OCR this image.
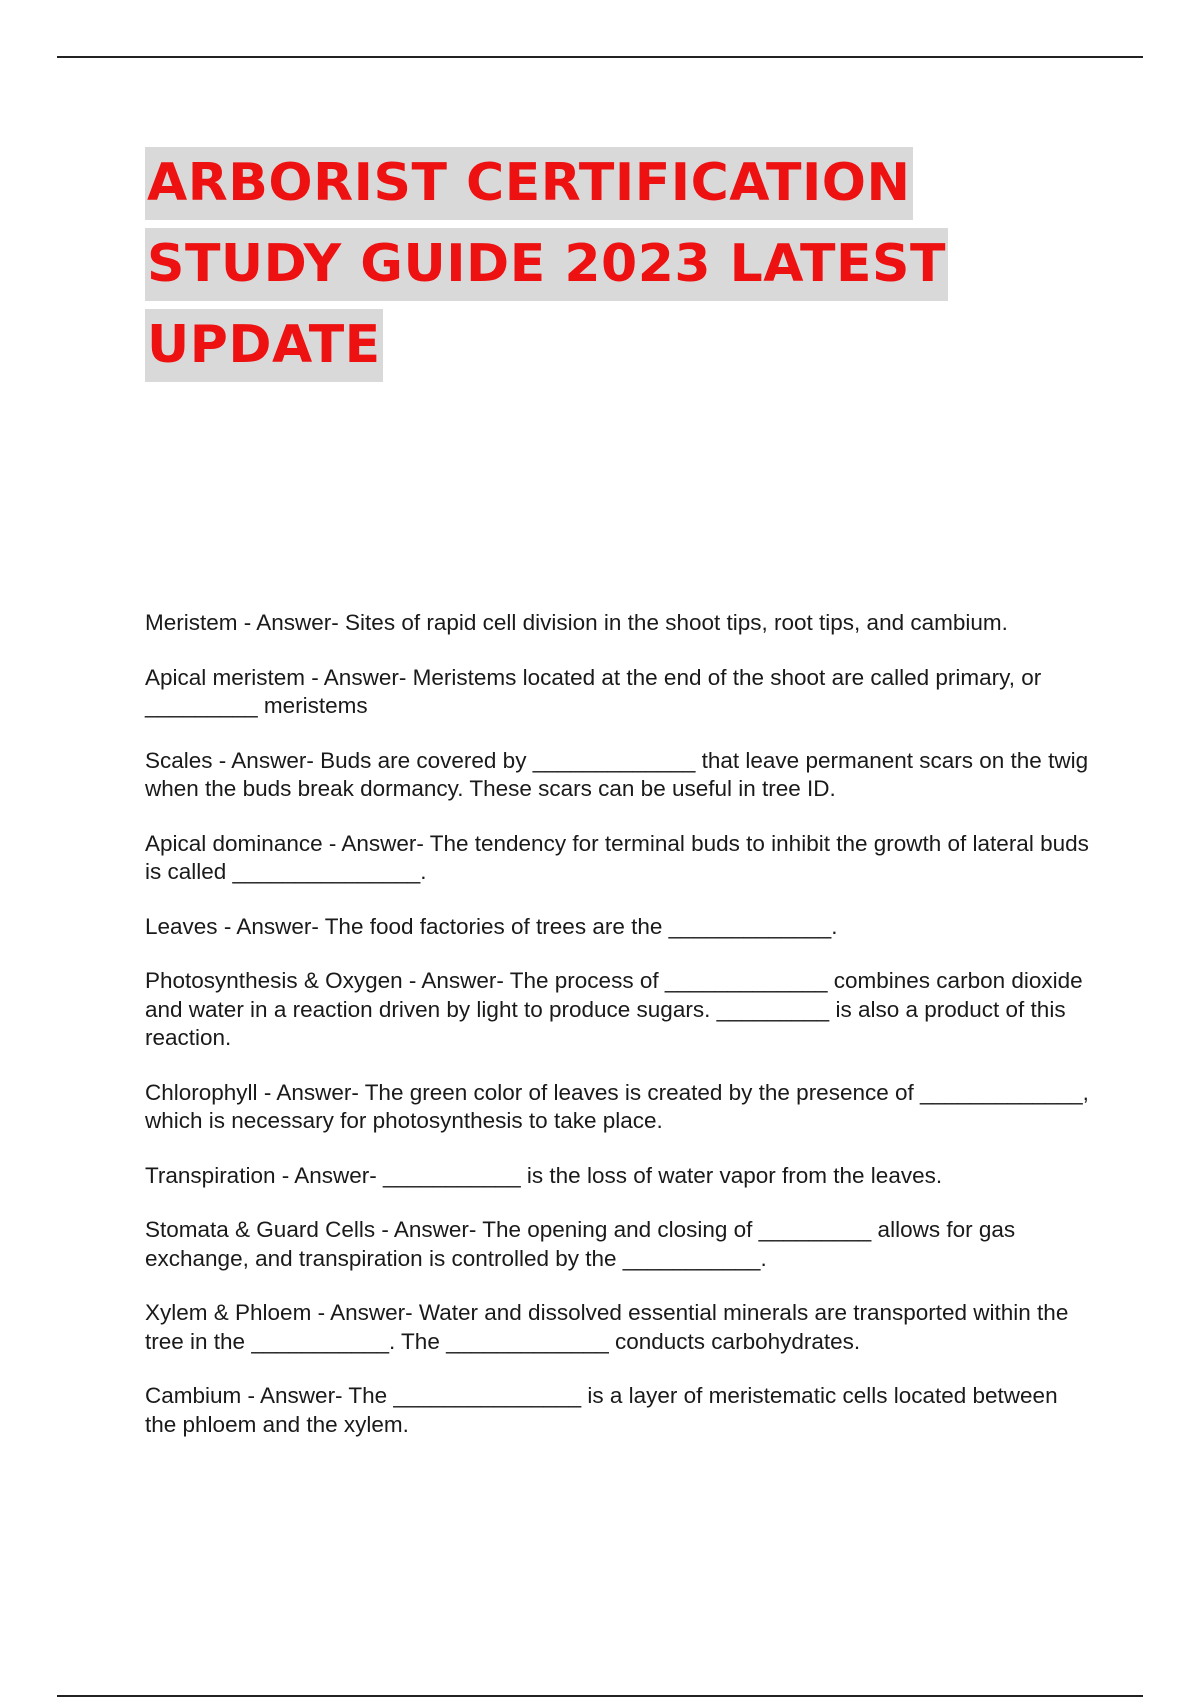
ARBORIST CERTIFICATION
STUDY GUIDE 2023 LATEST
UPDATE

Meristem - Answer- Sites of rapid cell division in the shoot tips, root tips, and cambium.

Apical meristem - Answer- Meristems located at the end of the shoot are called primary, or _________ meristems

Scales - Answer- Buds are covered by _____________ that leave permanent scars on the twig when the buds break dormancy. These scars can be useful in tree ID.

Apical dominance - Answer- The tendency for terminal buds to inhibit the growth of lateral buds is called _______________.

Leaves - Answer- The food factories of trees are the _____________.

Photosynthesis & Oxygen - Answer- The process of _____________ combines carbon dioxide and water in a reaction driven by light to produce sugars. _________ is also a product of this reaction.

Chlorophyll - Answer- The green color of leaves is created by the presence of _____________, which is necessary for photosynthesis to take place.

Transpiration - Answer- ___________ is the loss of water vapor from the leaves.

Stomata & Guard Cells - Answer- The opening and closing of _________ allows for gas exchange, and transpiration is controlled by the ___________.

Xylem & Phloem - Answer- Water and dissolved essential minerals are transported within the tree in the ___________. The _____________ conducts carbohydrates.

Cambium - Answer- The _______________ is a layer of meristematic cells located between the phloem and the xylem.
